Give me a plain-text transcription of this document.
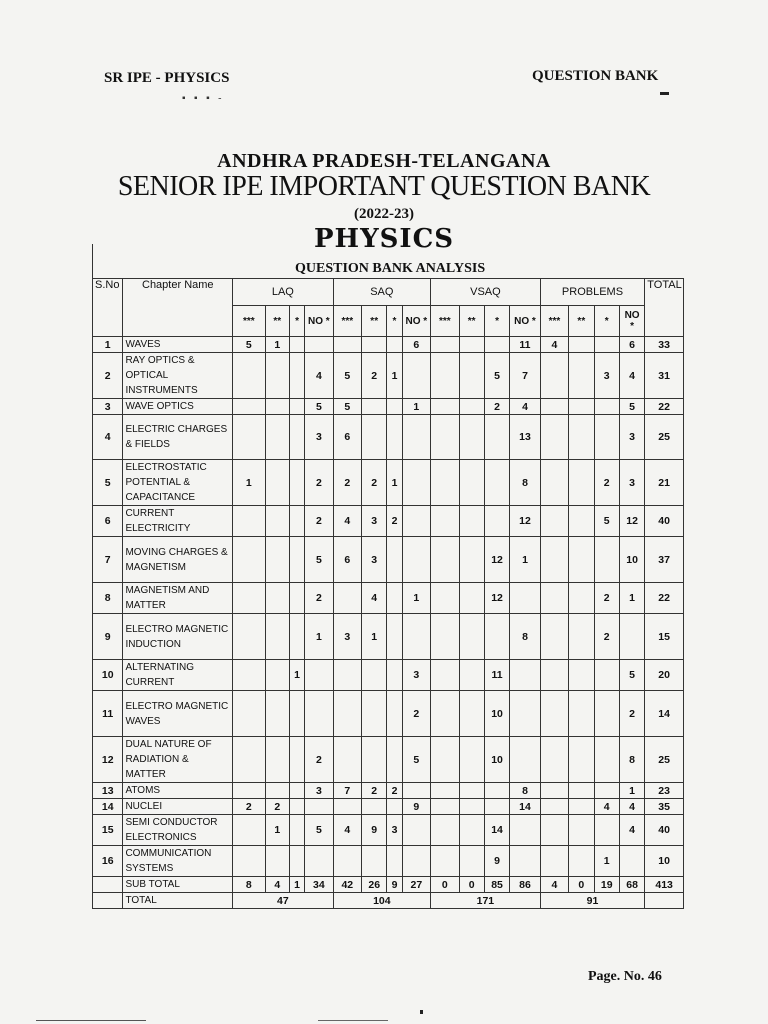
SR IPE - PHYSICS	QUESTION BANK
▪ ▪ ▪ -
ANDHRA PRADESH-TELANGANA
SENIOR IPE IMPORTANT QUESTION BANK
(2022-23)
PHYSICS
QUESTION BANK ANALYSIS
S.No	Chapter Name	LAQ				SAQ				VSAQ				PROBLEMS				TOTAL
		***	**	*	NO *	***	**	*	NO *	***	**	*	NO *	***	**	*	NO *	
1	WAVES	5	1						6				11	4			6	33
2	RAY OPTICS & OPTICAL INSTRUMENTS				4	5	2	1				5	7			3	4	31
3	WAVE OPTICS				5	5			1			2	4				5	22
4	ELECTRIC CHARGES & FIELDS				3	6							13				3	25
5	ELECTROSTATIC POTENTIAL & CAPACITANCE	1			2	2	2	1					8			2	3	21
6	CURRENT ELECTRICITY				2	4	3	2					12			5	12	40
7	MOVING CHARGES & MAGNETISM				5	6	3					12	1				10	37
8	MAGNETISM AND MATTER				2		4		1			12				2	1	22
9	ELECTRO MAGNETIC INDUCTION				1	3	1						8			2		15
10	ALTERNATING CURRENT			1					3			11					5	20
11	ELECTRO MAGNETIC WAVES								2			10					2	14
12	DUAL NATURE OF RADIATION & MATTER				2				5			10					8	25
13	ATOMS				3	7	2	2					8				1	23
14	NUCLEI	2	2						9				14			4	4	35
15	SEMI CONDUCTOR ELECTRONICS		1		5	4	9	3				14					4	40
16	COMMUNICATION SYSTEMS											9				1		10
	SUB TOTAL	8	4	1	34	42	26	9	27	0	0	85	86	4	0	19	68	413
	TOTAL	47				104				171				91				
Page. No. 46
